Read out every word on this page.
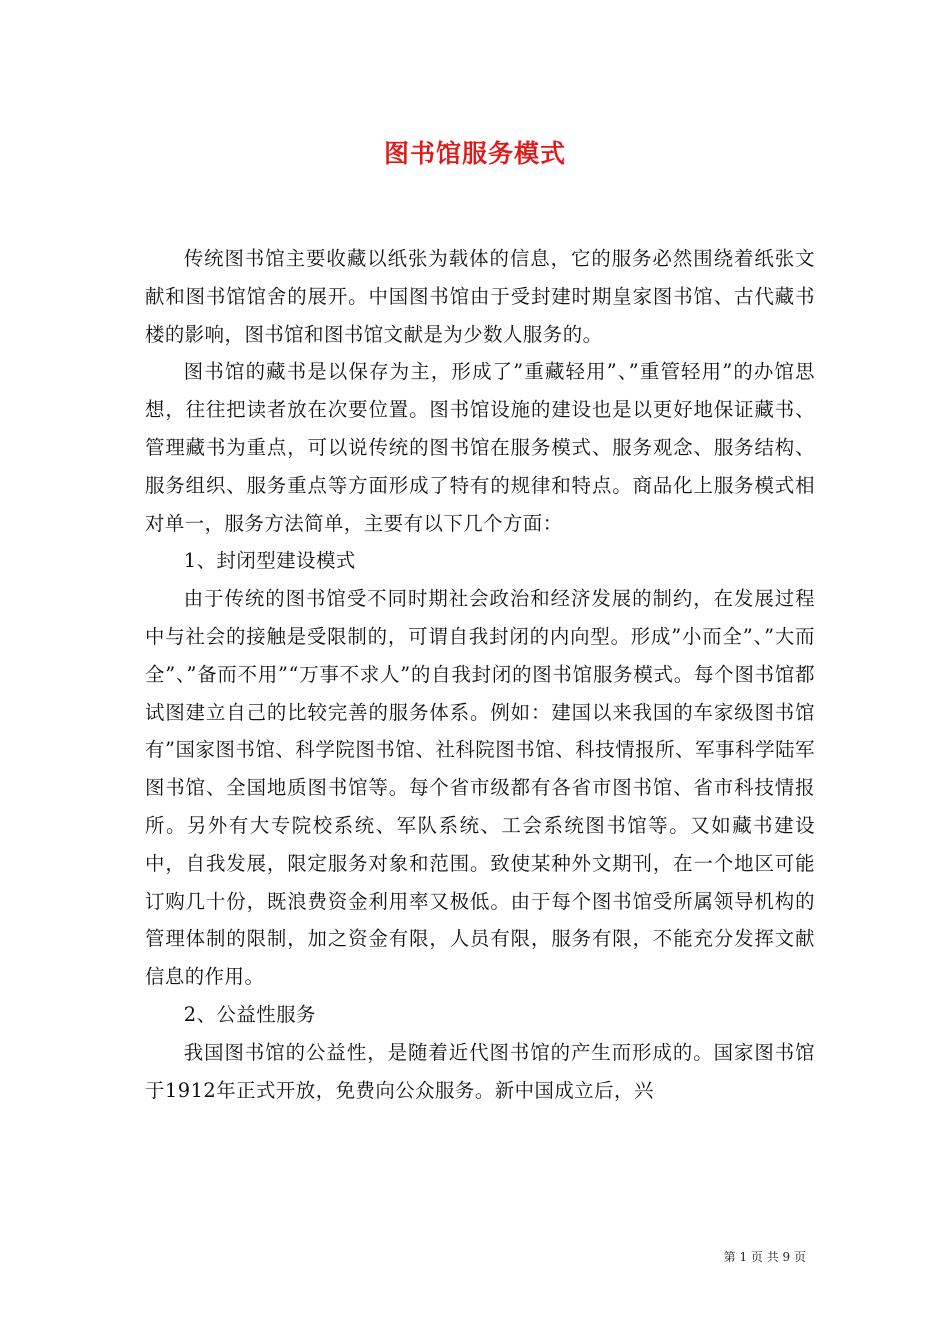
图书馆服务模式

传统图书馆主要收藏以纸张为载体的信息，它的服务必然围绕着纸张文献和图书馆馆舍的展开。中国图书馆由于受封建时期皇家图书馆、古代藏书楼的影响，图书馆和图书馆文献是为少数人服务的。

图书馆的藏书是以保存为主，形成了”重藏轻用”、”重管轻用”的办馆思想，往往把读者放在次要位置。图书馆设施的建设也是以更好地保证藏书、管理藏书为重点，可以说传统的图书馆在服务模式、服务观念、服务结构、服务组织、服务重点等方面形成了特有的规律和特点。商品化上服务模式相对单一，服务方法简单，主要有以下几个方面：

1、封闭型建设模式

由于传统的图书馆受不同时期社会政治和经济发展的制约，在发展过程中与社会的接触是受限制的，可谓自我封闭的内向型。形成”小而全”、”大而全”、”备而不用”“万事不求人”的自我封闭的图书馆服务模式。每个图书馆都试图建立自己的比较完善的服务体系。例如：建国以来我国的车家级图书馆有”国家图书馆、科学院图书馆、社科院图书馆、科技情报所、军事科学陆军图书馆、全国地质图书馆等。每个省市级都有各省市图书馆、省市科技情报所。另外有大专院校系统、军队系统、工会系统图书馆等。又如藏书建设中，自我发展，限定服务对象和范围。致使某种外文期刊，在一个地区可能订购几十份，既浪费资金利用率又极低。由于每个图书馆受所属领导机构的管理体制的限制，加之资金有限，人员有限，服务有限，不能充分发挥文献信息的作用。

2、公益性服务

我国图书馆的公益性，是随着近代图书馆的产生而形成的。国家图书馆于1912年正式开放，免费向公众服务。新中国成立后，兴

第 1 页 共 9 页
